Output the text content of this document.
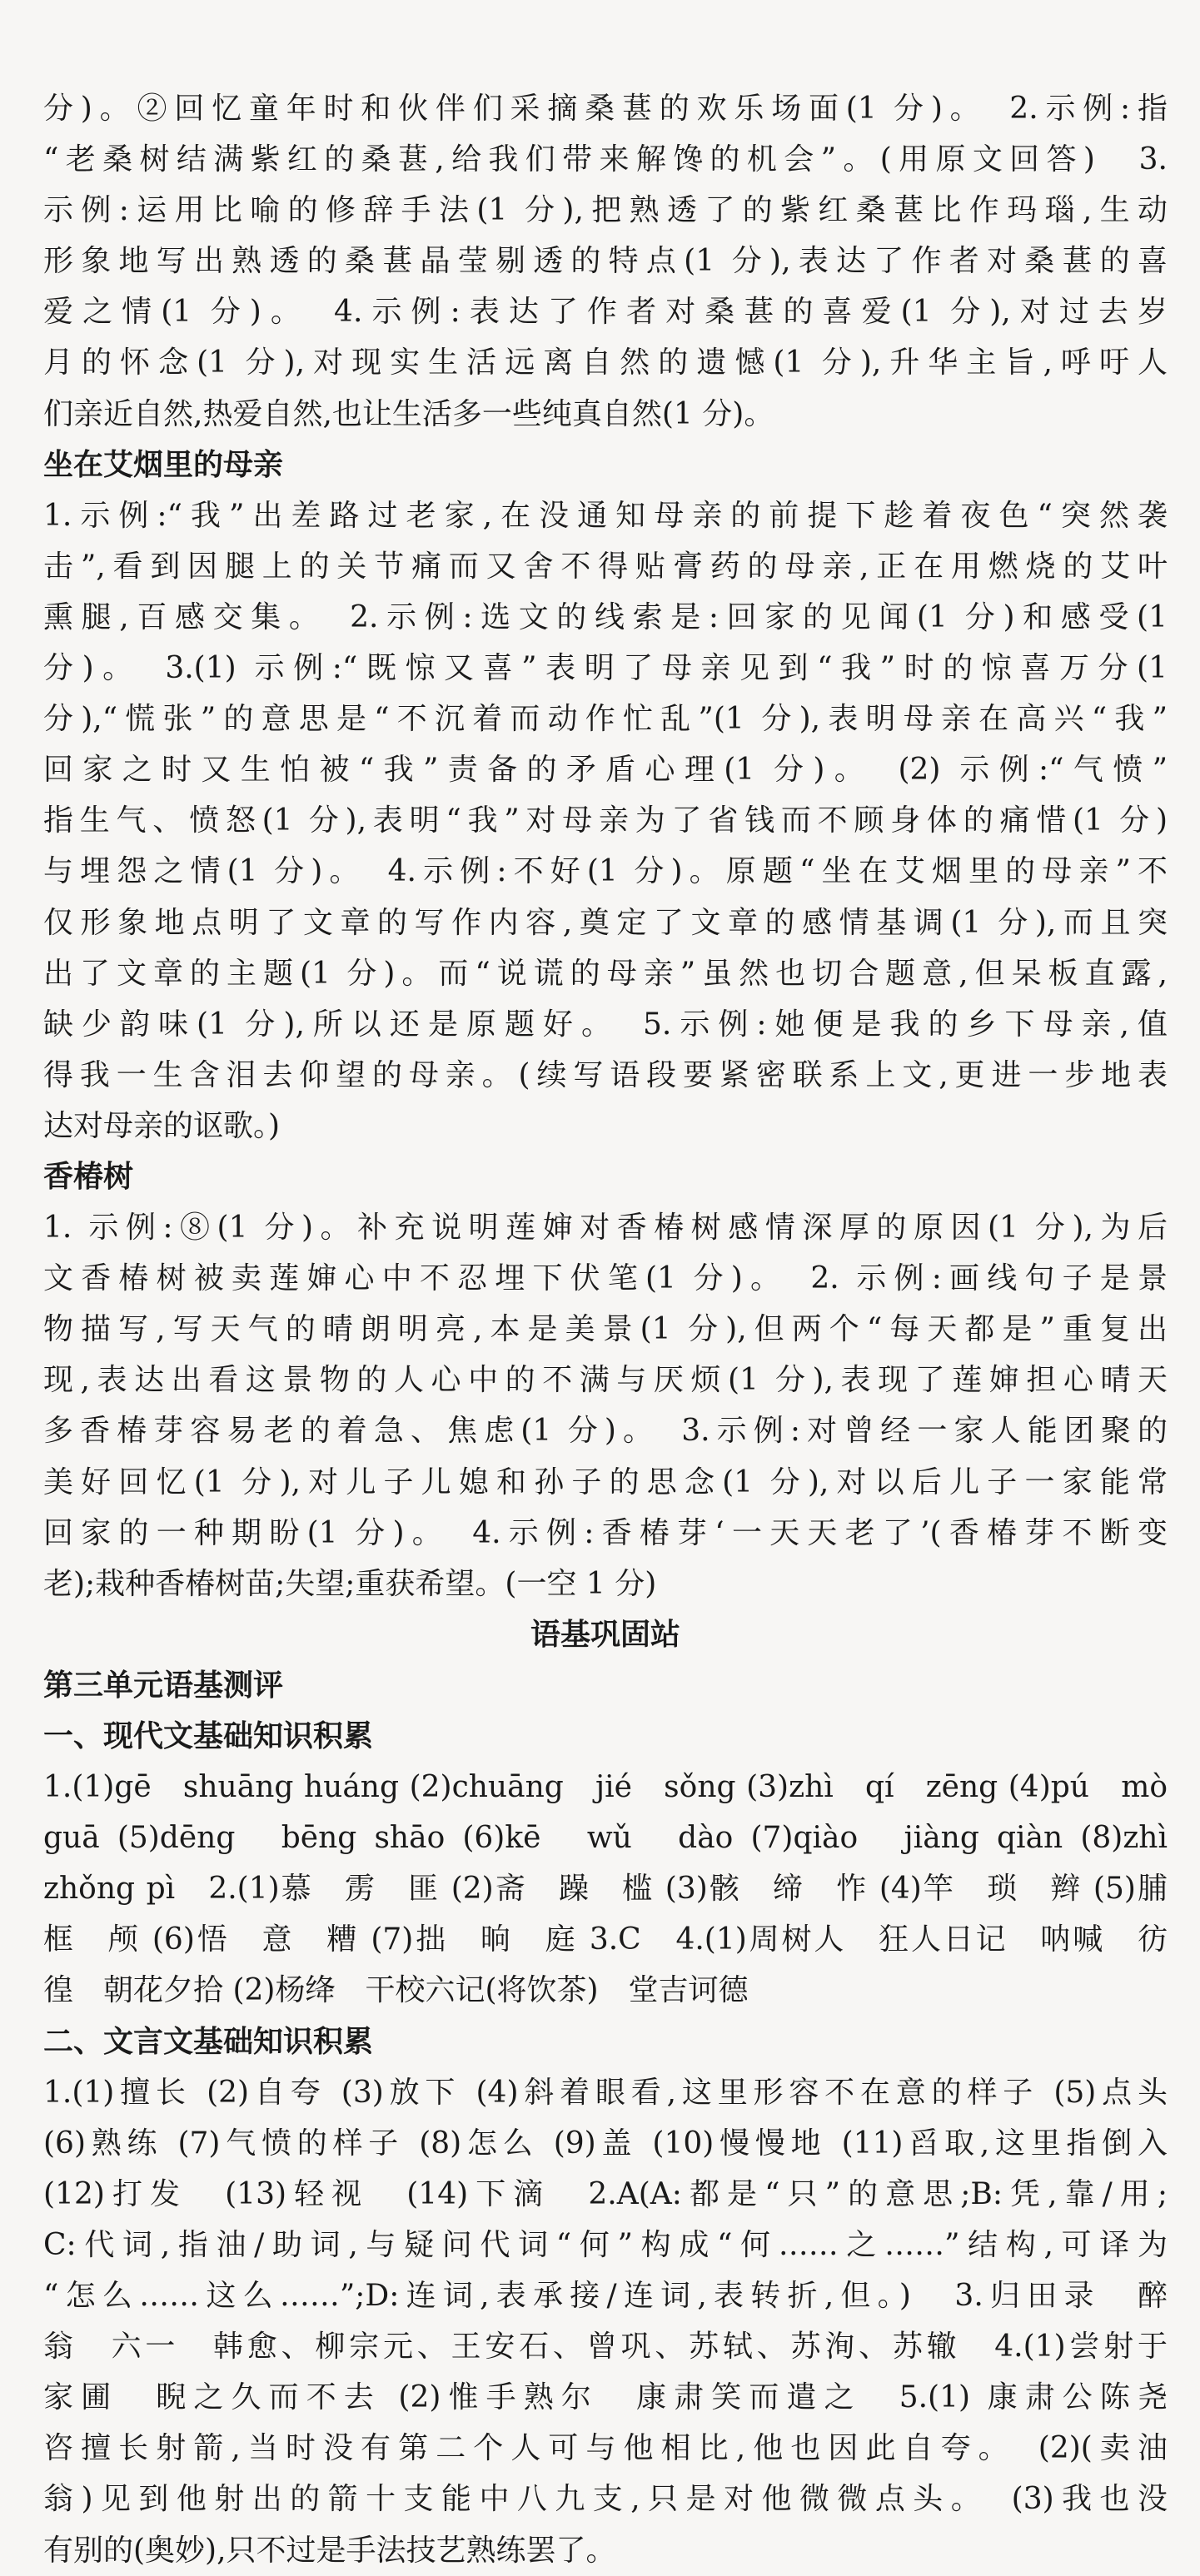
分)。②回忆童年时和伙伴们采摘桑葚的欢乐场面(1 分)。　2.示例:指
“老桑树结满紫红的桑葚,给我们带来解馋的机会”。(用原文回答)　3.
示例:运用比喻的修辞手法(1 分),把熟透了的紫红桑葚比作玛瑙,生动
形象地写出熟透的桑葚晶莹剔透的特点(1 分),表达了作者对桑葚的喜
爱之情(1 分)。　4.示例:表达了作者对桑葚的喜爱(1 分),对过去岁
月的怀念(1 分),对现实生活远离自然的遗憾(1 分),升华主旨,呼吁人
们亲近自然,热爱自然,也让生活多一些纯真自然(1 分)。
坐在艾烟里的母亲
1.示例:“我”出差路过老家,在没通知母亲的前提下趁着夜色“突然袭
击”,看到因腿上的关节痛而又舍不得贴膏药的母亲,正在用燃烧的艾叶
熏腿,百感交集。　2.示例:选文的线索是:回家的见闻(1 分)和感受(1
分)。　3.(1) 示例:“既惊又喜”表明了母亲见到“我”时的惊喜万分(1
分),“慌张”的意思是“不沉着而动作忙乱”(1 分),表明母亲在高兴“我”
回家之时又生怕被“我”责备的矛盾心理(1 分)。　(2) 示例:“气愤”
指生气、愤怒(1 分),表明“我”对母亲为了省钱而不顾身体的痛惜(1 分)
与埋怨之情(1 分)。　4.示例:不好(1 分)。原题“坐在艾烟里的母亲”不
仅形象地点明了文章的写作内容,奠定了文章的感情基调(1 分),而且突
出了文章的主题(1 分)。而“说谎的母亲”虽然也切合题意,但呆板直露,
缺少韵味(1 分),所以还是原题好。　5.示例:她便是我的乡下母亲,值
得我一生含泪去仰望的母亲。(续写语段要紧密联系上文,更进一步地表
达对母亲的讴歌。)
香椿树
1. 示例:⑧(1 分)。补充说明莲婶对香椿树感情深厚的原因(1 分),为后
文香椿树被卖莲婶心中不忍埋下伏笔(1 分)。　2. 示例:画线句子是景
物描写,写天气的晴朗明亮,本是美景(1 分),但两个“每天都是”重复出
现,表达出看这景物的人心中的不满与厌烦(1 分),表现了莲婶担心晴天
多香椿芽容易老的着急、焦虑(1 分)。　3.示例:对曾经一家人能团聚的
美好回忆(1 分),对儿子儿媳和孙子的思念(1 分),对以后儿子一家能常
回家的一种期盼(1 分)。　4.示例:香椿芽‘一天天老了’(香椿芽不断变
老);栽种香椿树苗;失望;重获希望。(一空 1 分)
语基巩固站
第三单元语基测评
一、现代文基础知识积累
1.(1)gē　shuāng huáng (2)chuāng　jié　sǒng (3)zhì　qí　zēng (4)pú　mò
guā (5)dēng　bēng shāo (6)kē　wǔ　dào (7)qiào　jiàng qiàn (8)zhì
zhǒng pì　2.(1)慕　雳　匪 (2)斋　躁　槛 (3)骸　缔　怍 (4)竿　琐　辫 (5)脯
框　颅 (6)悟　意　糟 (7)拙　晌　庭 3.C　4.(1)周树人　狂人日记　呐喊　彷
徨　朝花夕拾 (2)杨绛　干校六记(将饮茶)　堂吉诃德
二、文言文基础知识积累
1.(1)擅长 (2)自夸 (3)放下 (4)斜着眼看,这里形容不在意的样子 (5)点头
(6)熟练 (7)气愤的样子 (8)怎么 (9)盖 (10)慢慢地 (11)舀取,这里指倒入
(12)打发　(13)轻视　(14)下滴　2.A(A:都是“只”的意思;B:凭,靠/用;
C:代词,指油/助词,与疑问代词“何”构成“何……之……”结构,可译为
“怎么……这么……”;D:连词,表承接/连词,表转折,但。)　3.归田录　醉
翁　六一　韩愈、柳宗元、王安石、曾巩、苏轼、苏洵、苏辙　4.(1)尝射于
家圃　睨之久而不去 (2)惟手熟尔　康肃笑而遣之　5.(1) 康肃公陈尧
咨擅长射箭,当时没有第二个人可与他相比,他也因此自夸。　(2)(卖油
翁)见到他射出的箭十支能中八九支,只是对他微微点头。　(3)我也没
有别的(奥妙),只不过是手法技艺熟练罢了。
